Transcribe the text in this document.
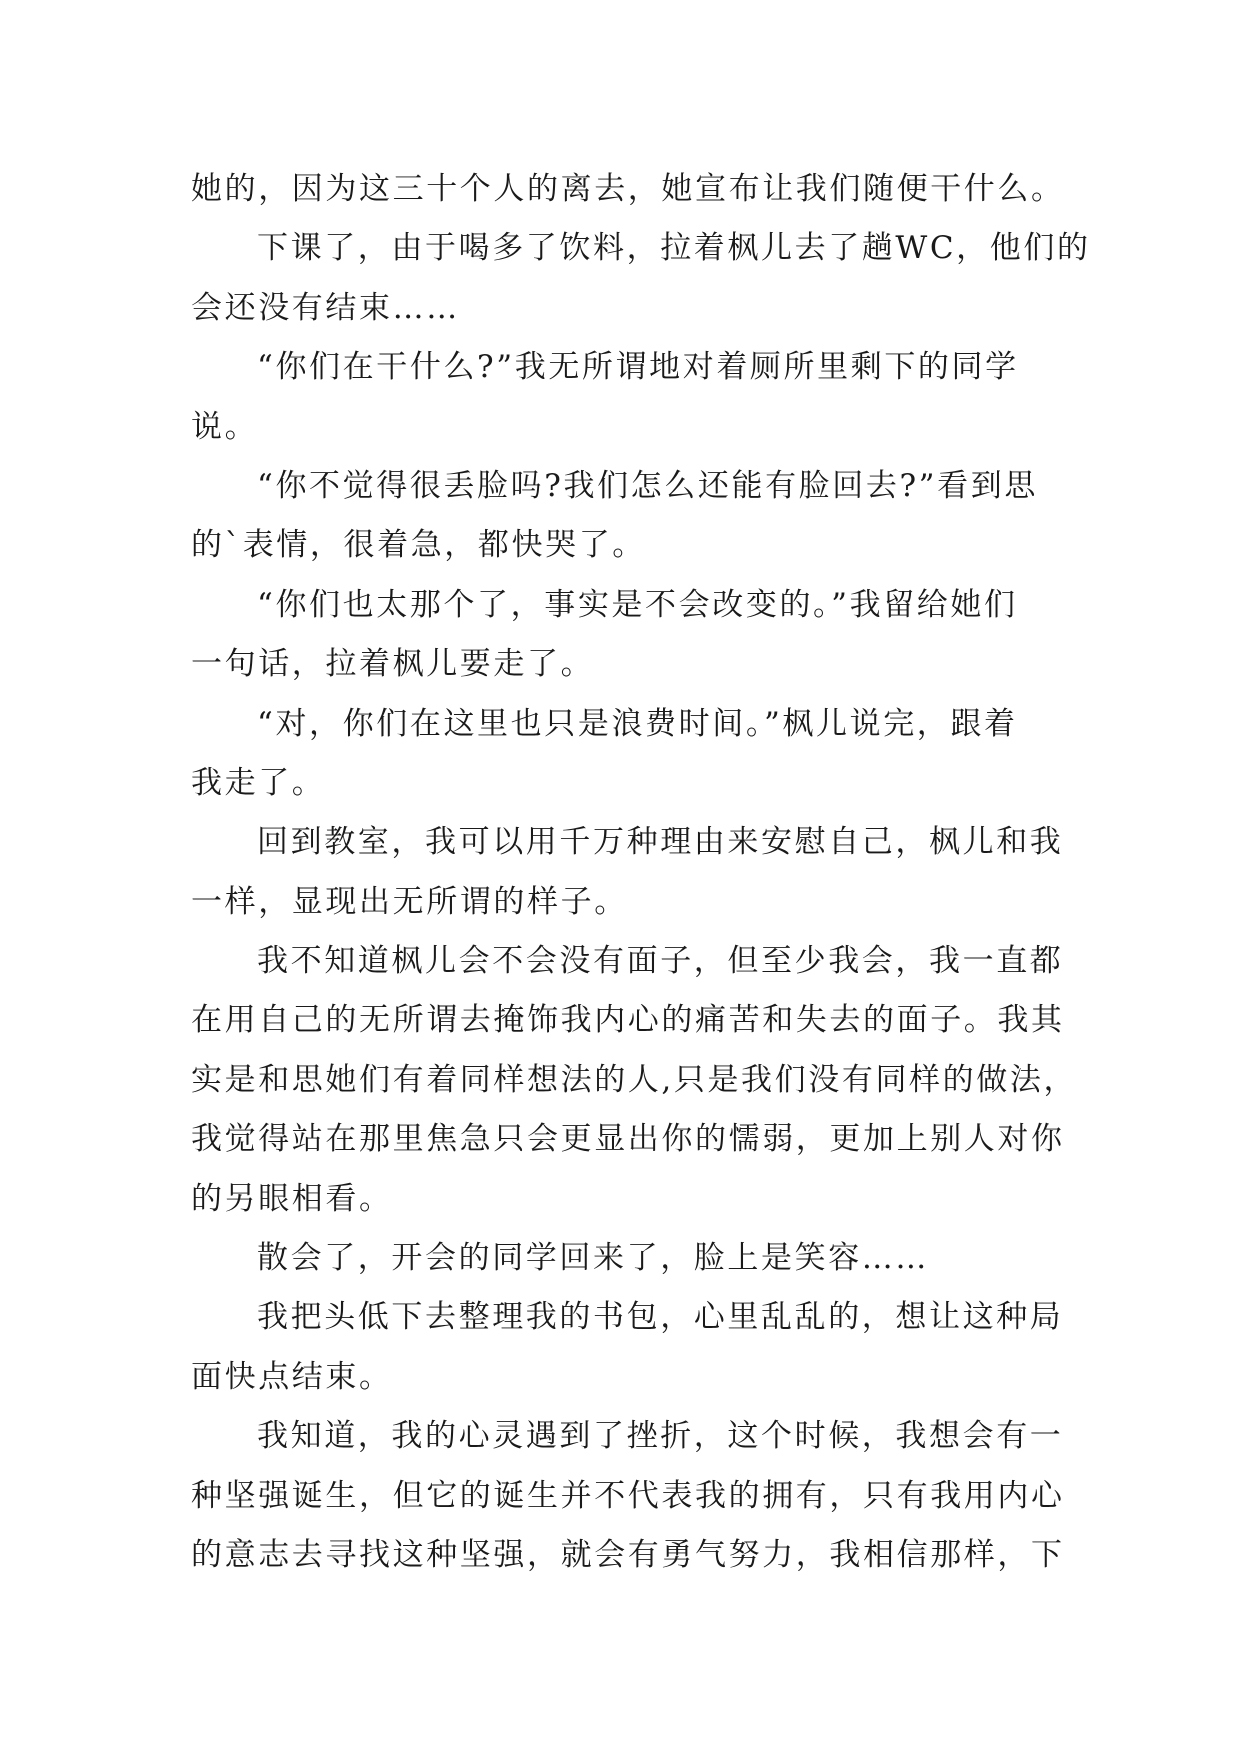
她的，因为这三十个人的离去，她宣布让我们随便干什么。
下课了，由于喝多了饮料，拉着枫儿去了趟WC，他们的
会还没有结束……
“你们在干什么?”我无所谓地对着厕所里剩下的同学
说。
“你不觉得很丢脸吗?我们怎么还能有脸回去?”看到思
的`表情，很着急，都快哭了。
“你们也太那个了，事实是不会改变的。”我留给她们
一句话，拉着枫儿要走了。
“对，你们在这里也只是浪费时间。”枫儿说完，跟着
我走了。
回到教室，我可以用千万种理由来安慰自己，枫儿和我
一样，显现出无所谓的样子。
我不知道枫儿会不会没有面子，但至少我会，我一直都
在用自己的无所谓去掩饰我内心的痛苦和失去的面子。我其
实是和思她们有着同样想法的人,只是我们没有同样的做法，
我觉得站在那里焦急只会更显出你的懦弱，更加上别人对你
的另眼相看。
散会了，开会的同学回来了，脸上是笑容……
我把头低下去整理我的书包，心里乱乱的，想让这种局
面快点结束。
我知道，我的心灵遇到了挫折，这个时候，我想会有一
种坚强诞生，但它的诞生并不代表我的拥有，只有我用内心
的意志去寻找这种坚强，就会有勇气努力，我相信那样，下
